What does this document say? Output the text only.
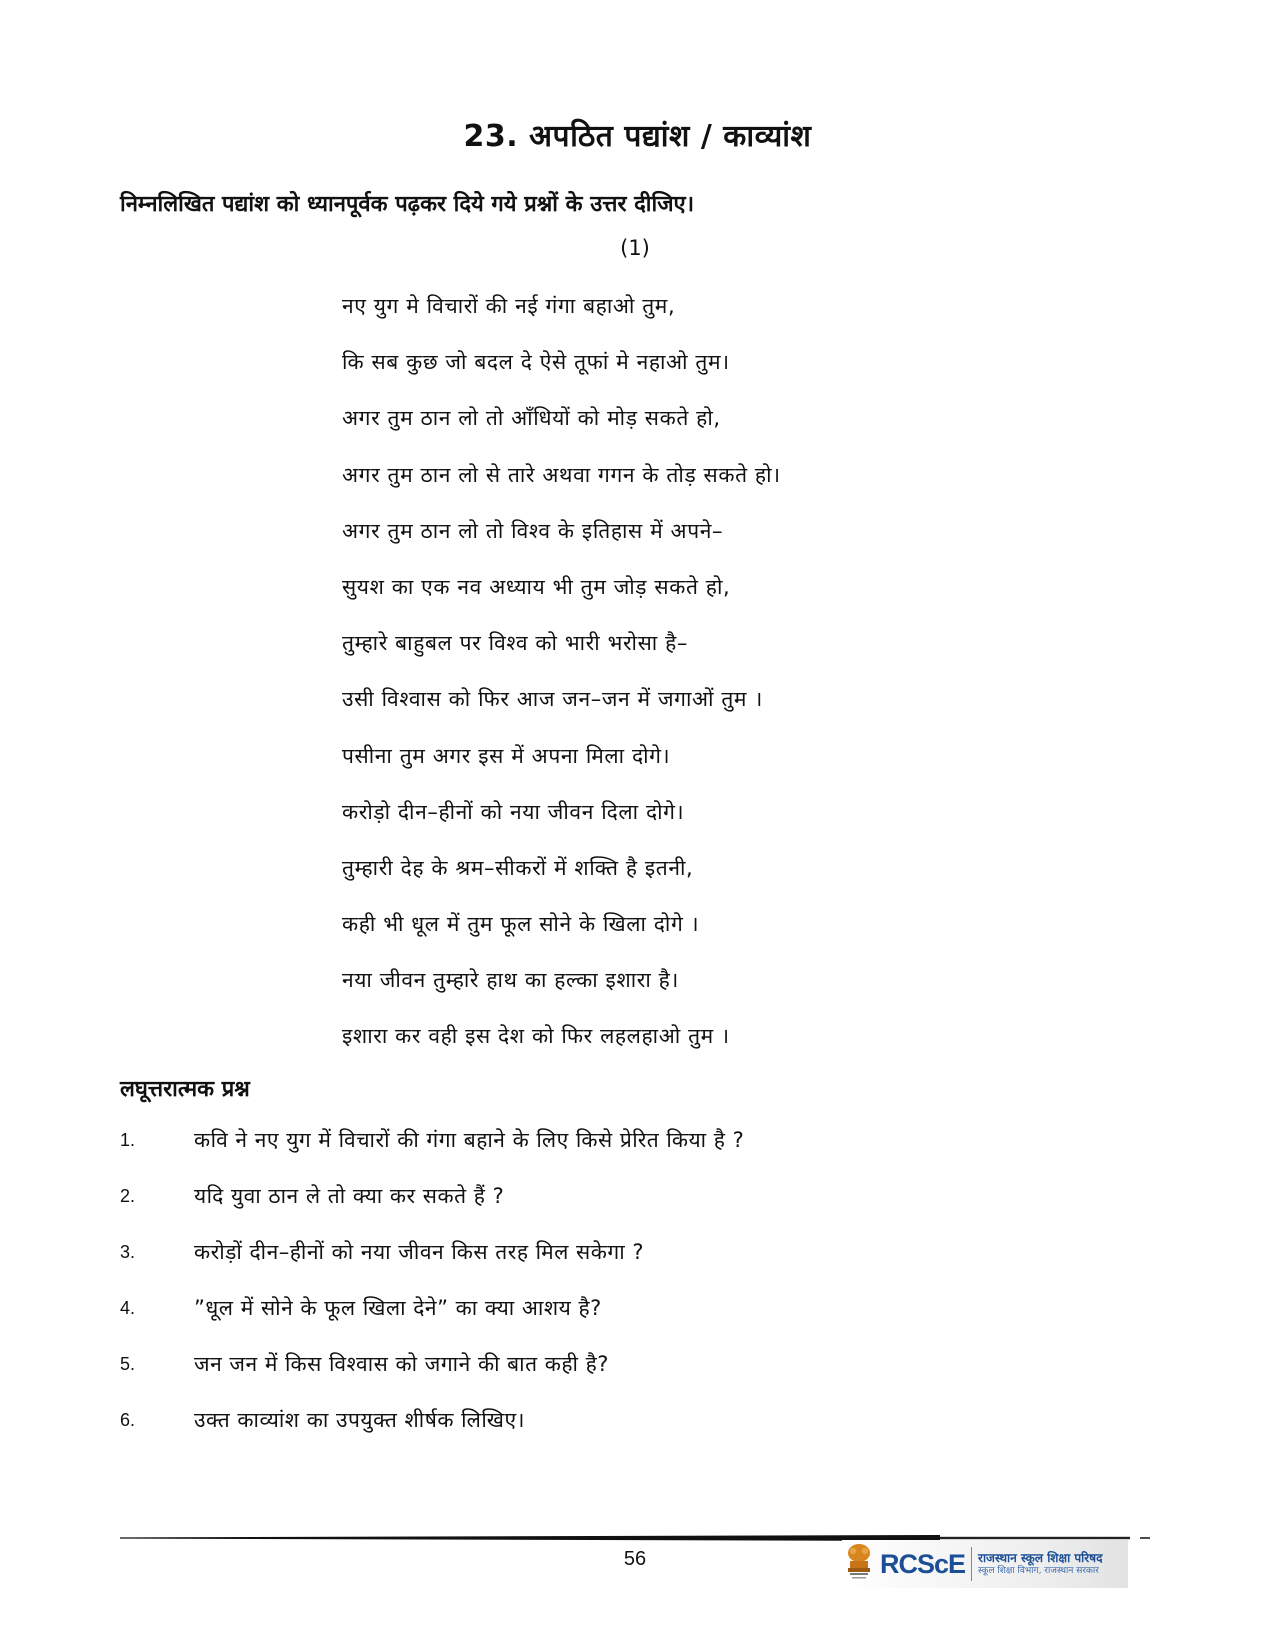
23. अपठित पद्यांश / काव्यांश
निम्नलिखित पद्यांश को ध्यानपूर्वक पढ़कर दिये गये प्रश्नों के उत्तर दीजिए।
(1)
नए युग मे विचारों की नई गंगा बहाओ तुम,
कि सब कुछ जो बदल दे ऐसे तूफां मे नहाओ तुम।
अगर तुम ठान लो तो आँधियों को मोड़ सकते हो,
अगर तुम ठान लो से तारे अथवा गगन के तोड़ सकते हो।
अगर तुम ठान लो तो विश्व के इतिहास में अपने–
सुयश का एक नव अध्याय भी तुम जोड़ सकते हो,
तुम्हारे बाहुबल पर विश्व को भारी भरोसा है–
उसी विश्वास को फिर आज जन–जन में जगाओं तुम ।
पसीना तुम अगर इस में अपना मिला दोगे।
करोड़ो दीन–हीनों को नया जीवन दिला दोगे।
तुम्हारी देह के श्रम–सीकरों में शक्ति है इतनी,
कही भी धूल में तुम फूल सोने के खिला दोगे ।
नया जीवन तुम्हारे हाथ का हल्का इशारा है।
इशारा कर वही इस देश को फिर लहलहाओ तुम ।
लघूत्तरात्मक प्रश्न
1.	कवि ने नए युग में विचारों की गंगा बहाने के लिए किसे प्रेरित किया है ?
2.	यदि युवा ठान ले तो क्या कर सकते हैं ?
3.	करोड़ों दीन–हीनों को नया जीवन किस तरह मिल सकेगा ?
4.	”धूल में सोने के फूल खिला देने” का क्या आशय है?
5.	जन जन में किस विश्वास को जगाने की बात कही है?
6.	उक्त काव्यांश का उपयुक्त शीर्षक लिखिए।
56	RCScE राजस्थान स्कूल शिक्षा परिषद
स्कूल शिक्षा विभाग, राजस्थान सरकार
